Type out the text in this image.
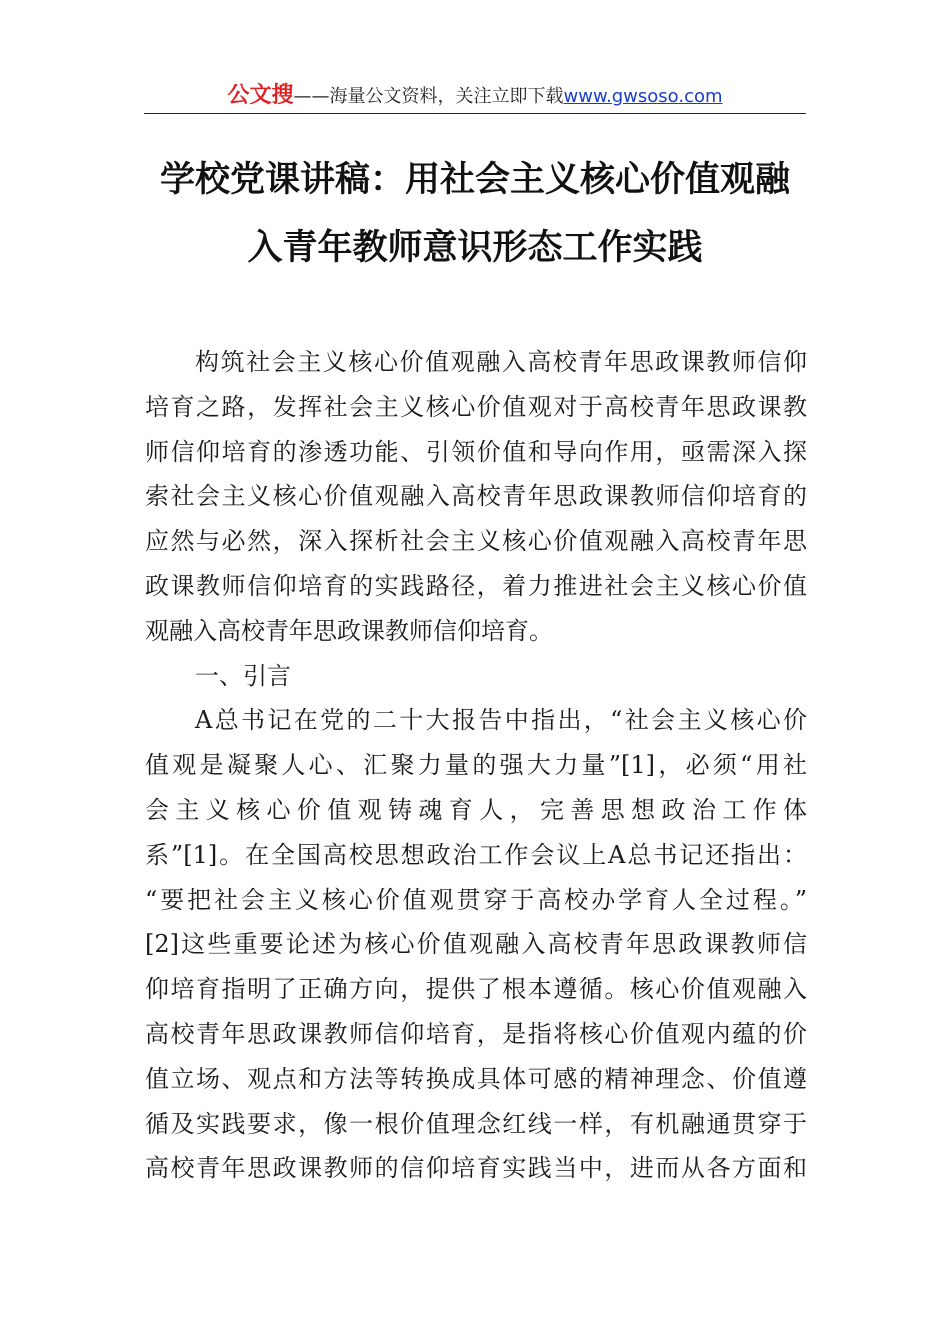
公文搜——海量公文资料，关注立即下载www.gwsoso.com
学校党课讲稿：用社会主义核心价值观融
入青年教师意识形态工作实践
构筑社会主义核心价值观融入高校青年思政课教师信仰
培育之路，发挥社会主义核心价值观对于高校青年思政课教
师信仰培育的渗透功能、引领价值和导向作用，亟需深入探
索社会主义核心价值观融入高校青年思政课教师信仰培育的
应然与必然，深入探析社会主义核心价值观融入高校青年思
政课教师信仰培育的实践路径，着力推进社会主义核心价值
观融入高校青年思政课教师信仰培育。
一、引言
A总书记在党的二十大报告中指出，“社会主义核心价
值观是凝聚人心、汇聚力量的强大力量”[1]，必须“用社
会主义核心价值观铸魂育人，完善思想政治工作体
系”[1]。在全国高校思想政治工作会议上A总书记还指出：
“要把社会主义核心价值观贯穿于高校办学育人全过程。”
[2]这些重要论述为核心价值观融入高校青年思政课教师信
仰培育指明了正确方向，提供了根本遵循。核心价值观融入
高校青年思政课教师信仰培育，是指将核心价值观内蕴的价
值立场、观点和方法等转换成具体可感的精神理念、价值遵
循及实践要求，像一根价值理念红线一样，有机融通贯穿于
高校青年思政课教师的信仰培育实践当中，进而从各方面和
